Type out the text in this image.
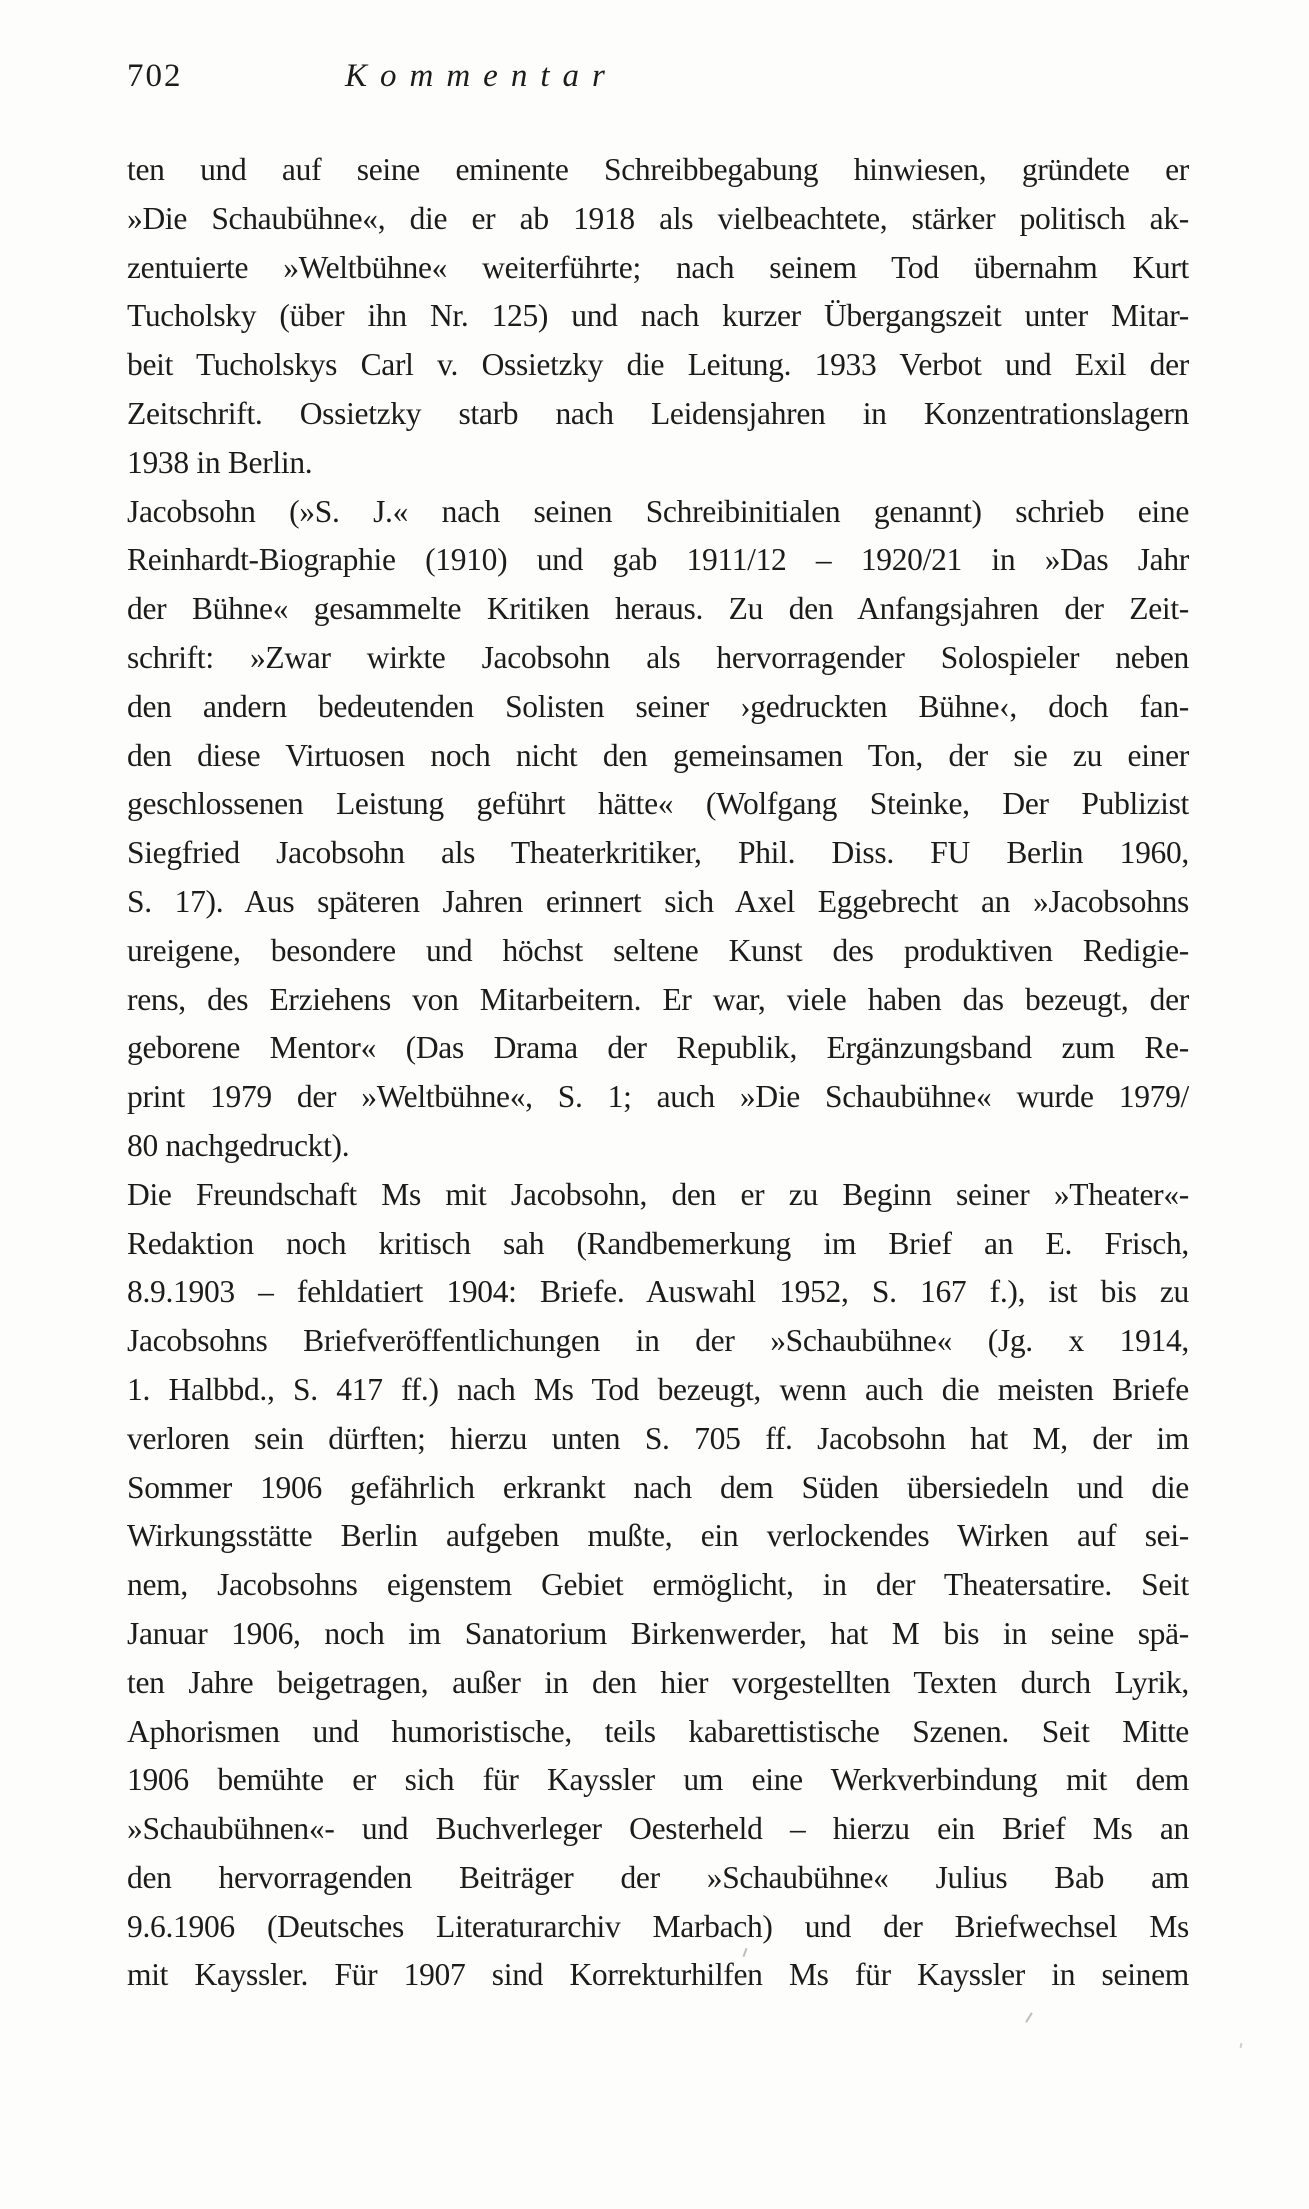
702	Kommentar
ten und auf seine eminente Schreibbegabung hinwiesen, gründete er
»Die Schaubühne«, die er ab 1918 als vielbeachtete, stärker politisch ak-
zentuierte »Weltbühne« weiterführte; nach seinem Tod übernahm Kurt
Tucholsky (über ihn Nr. 125) und nach kurzer Übergangszeit unter Mitar-
beit Tucholskys Carl v. Ossietzky die Leitung. 1933 Verbot und Exil der
Zeitschrift. Ossietzky starb nach Leidensjahren in Konzentrationslagern
1938 in Berlin.
Jacobsohn (»S. J.« nach seinen Schreibinitialen genannt) schrieb eine
Reinhardt-Biographie (1910) und gab 1911/12 – 1920/21 in »Das Jahr
der Bühne« gesammelte Kritiken heraus. Zu den Anfangsjahren der Zeit-
schrift: »Zwar wirkte Jacobsohn als hervorragender Solospieler neben
den andern bedeutenden Solisten seiner ›gedruckten Bühne‹, doch fan-
den diese Virtuosen noch nicht den gemeinsamen Ton, der sie zu einer
geschlossenen Leistung geführt hätte« (Wolfgang Steinke, Der Publizist
Siegfried Jacobsohn als Theaterkritiker, Phil. Diss. FU Berlin 1960,
S. 17). Aus späteren Jahren erinnert sich Axel Eggebrecht an »Jacobsohns
ureigene, besondere und höchst seltene Kunst des produktiven Redigie-
rens, des Erziehens von Mitarbeitern. Er war, viele haben das bezeugt, der
geborene Mentor« (Das Drama der Republik, Ergänzungsband zum Re-
print 1979 der »Weltbühne«, S. 1; auch »Die Schaubühne« wurde 1979/
80 nachgedruckt).
Die Freundschaft Ms mit Jacobsohn, den er zu Beginn seiner »Theater«-
Redaktion noch kritisch sah (Randbemerkung im Brief an E. Frisch,
8.9.1903 – fehldatiert 1904: Briefe. Auswahl 1952, S. 167 f.), ist bis zu
Jacobsohns Briefveröffentlichungen in der »Schaubühne« (Jg. x 1914,
1. Halbbd., S. 417 ff.) nach Ms Tod bezeugt, wenn auch die meisten Briefe
verloren sein dürften; hierzu unten S. 705 ff. Jacobsohn hat M, der im
Sommer 1906 gefährlich erkrankt nach dem Süden übersiedeln und die
Wirkungsstätte Berlin aufgeben mußte, ein verlockendes Wirken auf sei-
nem, Jacobsohns eigenstem Gebiet ermöglicht, in der Theatersatire. Seit
Januar 1906, noch im Sanatorium Birkenwerder, hat M bis in seine spä-
ten Jahre beigetragen, außer in den hier vorgestellten Texten durch Lyrik,
Aphorismen und humoristische, teils kabarettistische Szenen. Seit Mitte
1906 bemühte er sich für Kayssler um eine Werkverbindung mit dem
»Schaubühnen«- und Buchverleger Oesterheld – hierzu ein Brief Ms an
den hervorragenden Beiträger der »Schaubühne« Julius Bab am
9.6.1906 (Deutsches Literaturarchiv Marbach) und der Briefwechsel Ms
mit Kayssler. Für 1907 sind Korrekturhilfen Ms für Kayssler in seinem
